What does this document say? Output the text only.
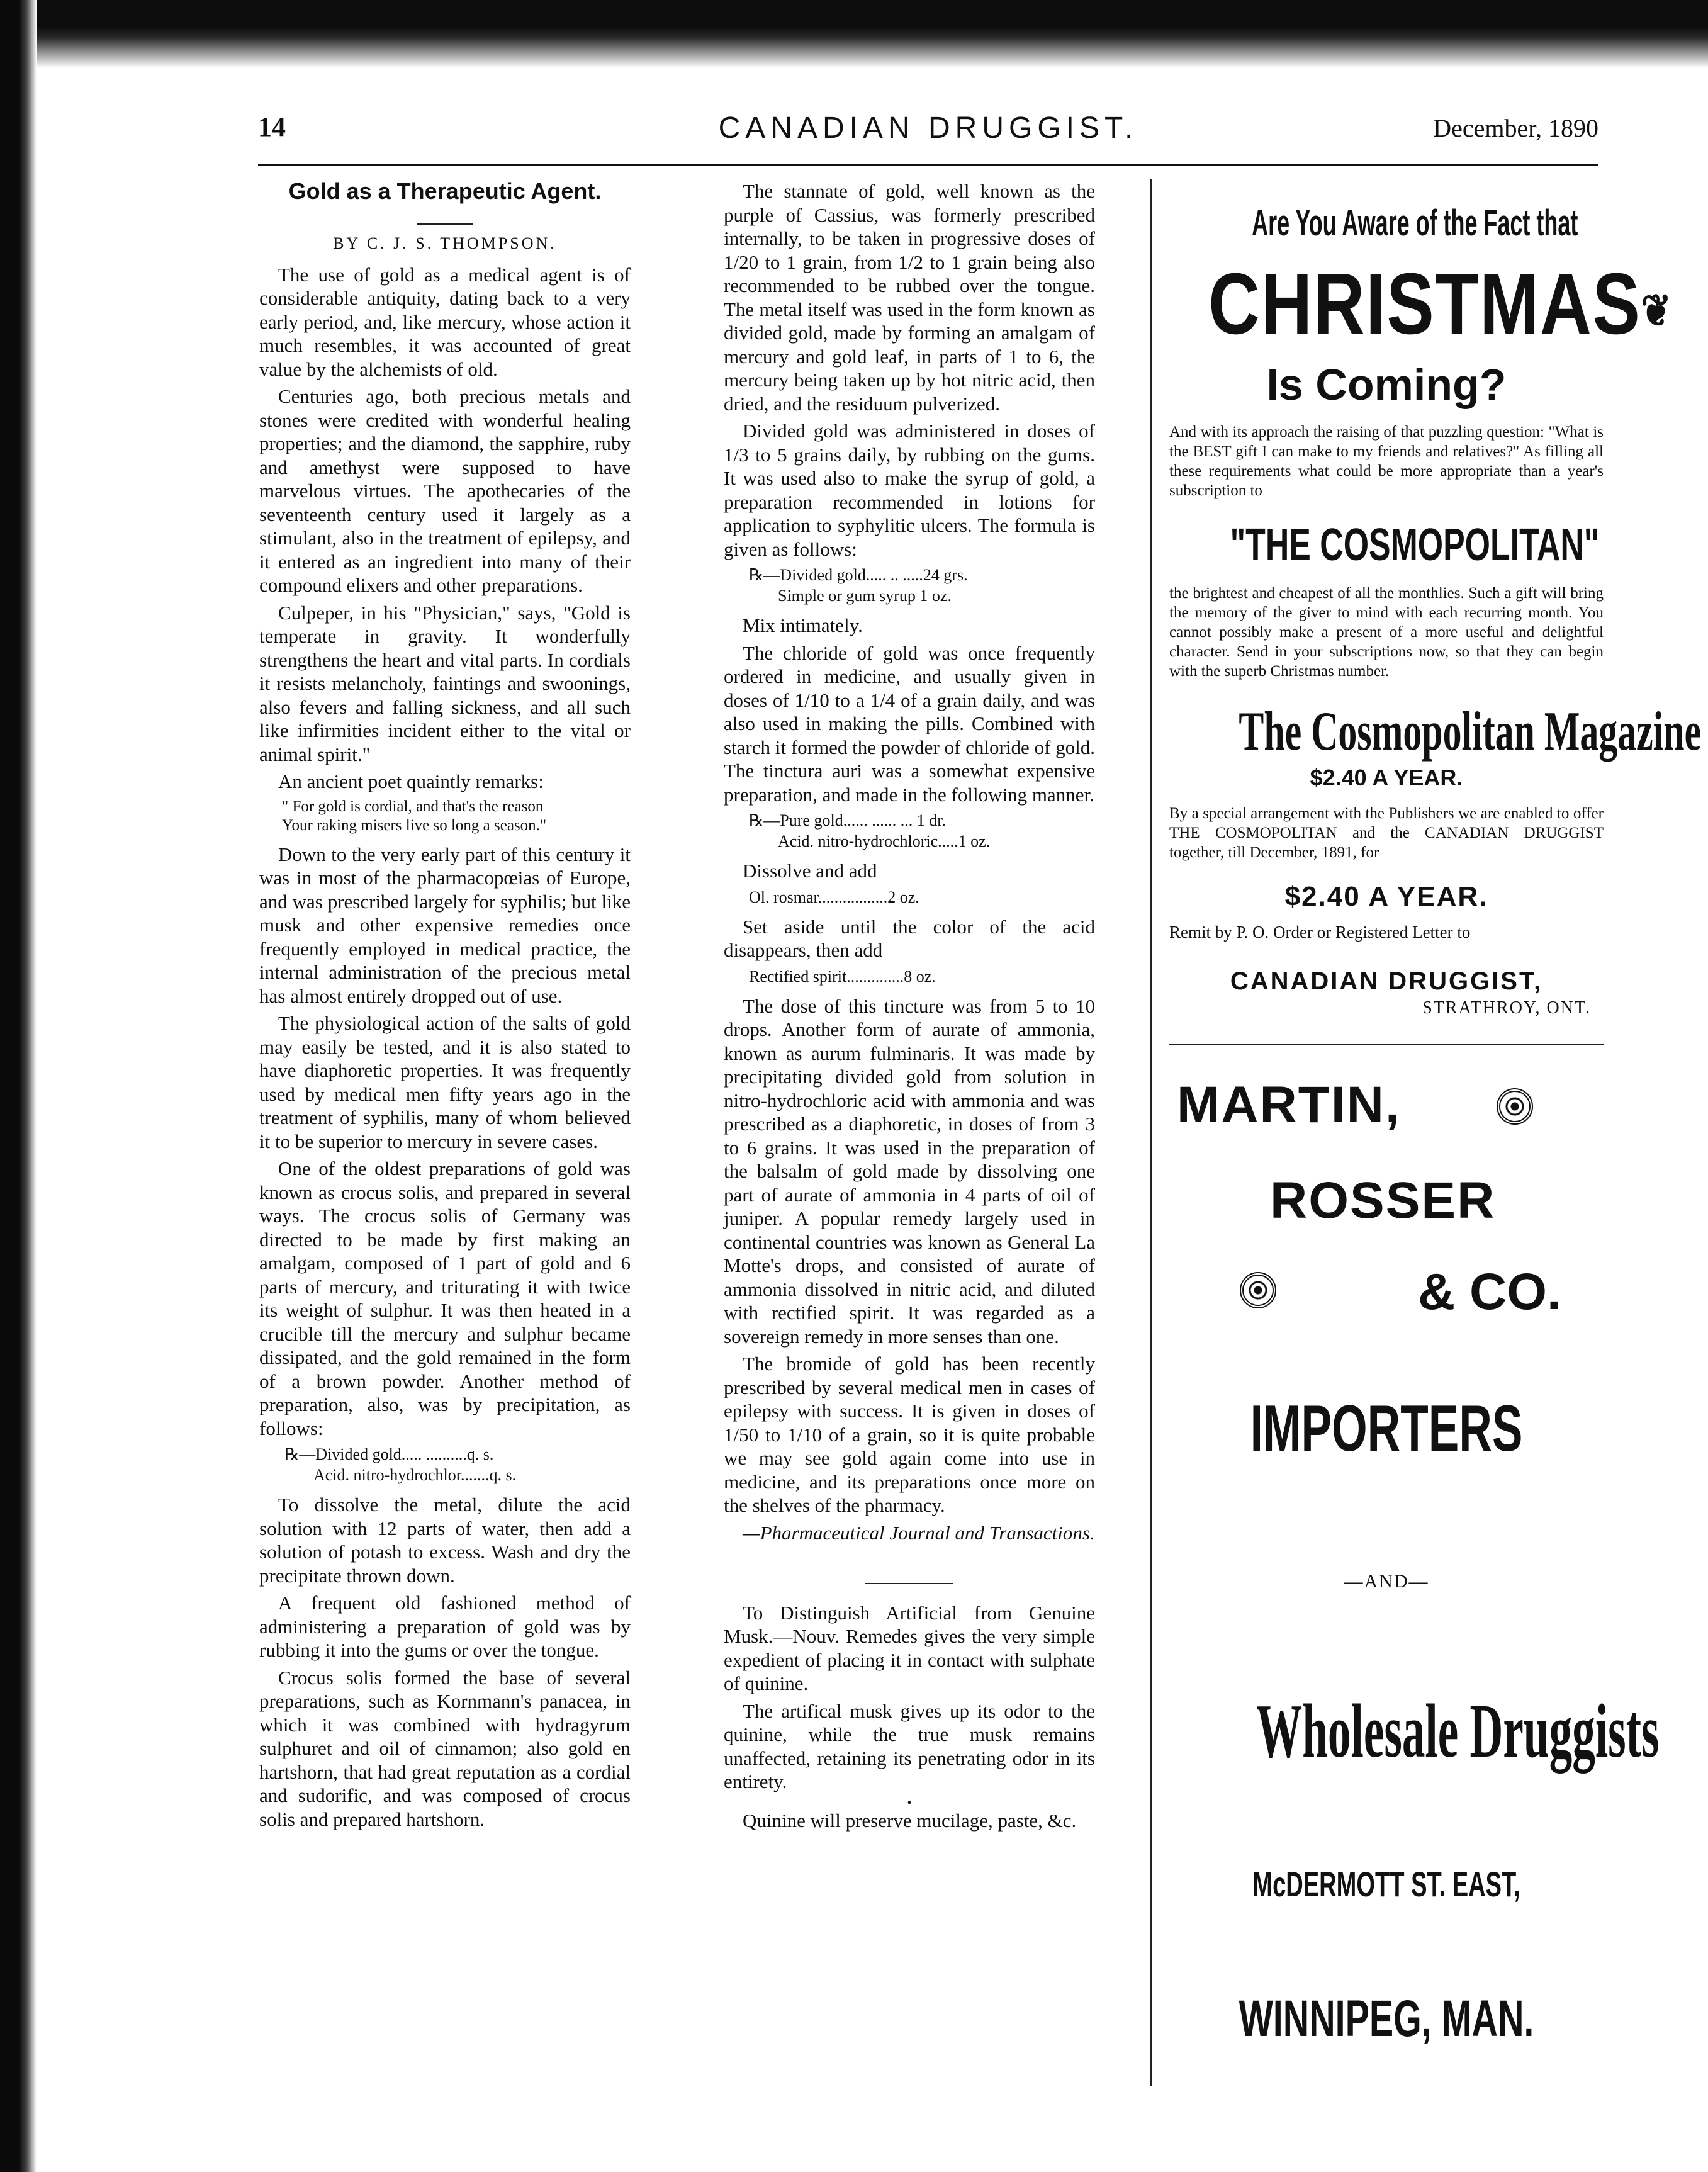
14	CANADIAN DRUGGIST.	December, 1890
Gold as a Therapeutic Agent.
BY C. J. S. THOMPSON.

The use of gold as a medical agent is of considerable antiquity, dating back to a very early period, and, like mercury, whose action it much resembles, it was accounted of great value by the alchemists of old.

Centuries ago, both precious metals and stones were credited with wonderful healing properties; and the diamond, the sapphire, ruby and amethyst were supposed to have marvelous virtues. The apothecaries of the seventeenth century used it largely as a stimulant, also in the treatment of epilepsy, and it entered as an ingredient into many of their compound elixers and other preparations.

Culpeper, in his "Physician," says, "Gold is temperate in gravity. It wonderfully strengthens the heart and vital parts. In cordials it resists melancholy, faintings and swoonings, also fevers and falling sickness, and all such like infirmities incident either to the vital or animal spirit."

An ancient poet quaintly remarks:

" For gold is cordial, and that's the reason
Your raking misers live so long a season."

Down to the very early part of this century it was in most of the pharmacopœias of Europe, and was prescribed largely for syphilis; but like musk and other expensive remedies once frequently employed in medical practice, the internal administration of the precious metal has almost entirely dropped out of use.

The physiological action of the salts of gold may easily be tested, and it is also stated to have diaphoretic properties. It was frequently used by medical men fifty years ago in the treatment of syphilis, many of whom believed it to be superior to mercury in severe cases.

One of the oldest preparations of gold was known as crocus solis, and prepared in several ways. The crocus solis of Germany was directed to be made by first making an amalgam, composed of 1 part of gold and 6 parts of mercury, and triturating it with twice its weight of sulphur. It was then heated in a crucible till the mercury and sulphur became dissipated, and the gold remained in the form of a brown powder. Another method of preparation, also, was by precipitation, as follows:

℞—Divided gold..... ..........q. s.
Acid. nitro-hydrochlor.......q. s.

To dissolve the metal, dilute the acid solution with 12 parts of water, then add a solution of potash to excess. Wash and dry the precipitate thrown down.

A frequent old fashioned method of administering a preparation of gold was by rubbing it into the gums or over the tongue.

Crocus solis formed the base of several preparations, such as Kornmann's panacea, in which it was combined with hydragyrum sulphuret and oil of cinnamon; also gold en hartshorn, that had great reputation as a cordial and sudorific, and was composed of crocus solis and prepared hartshorn.

The stannate of gold, well known as the purple of Cassius, was formerly prescribed internally, to be taken in progressive doses of 1/20 to 1 grain, from 1/2 to 1 grain being also recommended to be rubbed over the tongue. The metal itself was used in the form known as divided gold, made by forming an amalgam of mercury and gold leaf, in parts of 1 to 6, the mercury being taken up by hot nitric acid, then dried, and the residuum pulverized.

Divided gold was administered in doses of 1/3 to 5 grains daily, by rubbing on the gums. It was used also to make the syrup of gold, a preparation recommended in lotions for application to syphylitic ulcers. The formula is given as follows:

℞—Divided gold..... .. .....24 grs.
Simple or gum syrup 1 oz.

Mix intimately.

The chloride of gold was once frequently ordered in medicine, and usually given in doses of 1/10 to a 1/4 of a grain daily, and was also used in making the pills. Combined with starch it formed the powder of chloride of gold. The tinctura auri was a somewhat expensive preparation, and made in the following manner.

℞—Pure gold...... ...... ... 1 dr.
Acid. nitro-hydrochloric.....1 oz.

Dissolve and add

Ol. rosmar.................2 oz.

Set aside until the color of the acid disappears, then add

Rectified spirit..............8 oz.

The dose of this tincture was from 5 to 10 drops. Another form of aurate of ammonia, known as aurum fulminaris. It was made by precipitating divided gold from solution in nitro-hydrochloric acid with ammonia and was prescribed as a diaphoretic, in doses of from 3 to 6 grains. It was used in the preparation of the balsalm of gold made by dissolving one part of aurate of ammonia in 4 parts of oil of juniper. A popular remedy largely used in continental countries was known as General La Motte's drops, and consisted of aurate of ammonia dissolved in nitric acid, and diluted with rectified spirit. It was regarded as a sovereign remedy in more senses than one.

The bromide of gold has been recently prescribed by several medical men in cases of epilepsy with success. It is given in doses of 1/50 to 1/10 of a grain, so it is quite probable we may see gold again come into use in medicine, and its preparations once more on the shelves of the pharmacy.

—Pharmaceutical Journal and Transactions.

To Distinguish Artificial from Genuine Musk.—Nouv. Remedes gives the very simple expedient of placing it in contact with sulphate of quinine.

The artifical musk gives up its odor to the quinine, while the true musk remains unaffected, retaining its penetrating odor in its entirety.

•

Quinine will preserve mucilage, paste, &c.

Are You Aware of the Fact that
CHRISTMAS❦
Is Coming?
And with its approach the raising of that puzzling question: "What is the BEST gift I can make to my friends and relatives?" As filling all these requirements what could be more appropriate than a year's subscription to
"THE COSMOPOLITAN"
the brightest and cheapest of all the monthlies. Such a gift will bring the memory of the giver to mind with each recurring month. You cannot possibly make a present of a more useful and delightful character. Send in your subscriptions now, so that they can begin with the superb Christmas number.
The Cosmopolitan Magazine
$2.40 A YEAR.
By a special arrangement with the Publishers we are enabled to offer THE COSMOPOLITAN and the CANADIAN DRUGGIST together, till December, 1891, for
$2.40 A YEAR.
Remit by P. O. Order or Registered Letter to
CANADIAN DRUGGIST,
STRATHROY, ONT.
MARTIN,
ROSSER
& CO.
IMPORTERS
—AND—
Wholesale Druggists
McDERMOTT ST. EAST,
WINNIPEG, MAN.
